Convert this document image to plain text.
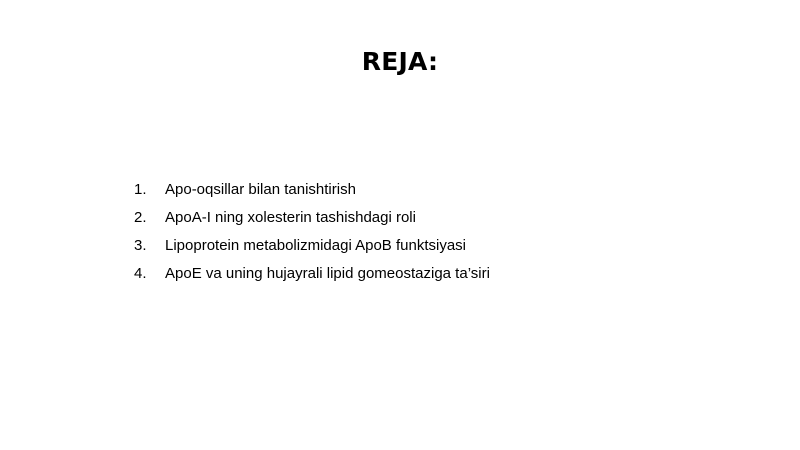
REJA:
1.	Apo-oqsillar bilan tanishtirish
2.	ApoA-I ning xolesterin tashishdagi roli
3.	Lipoprotein metabolizmidagi ApoB funktsiyasi
4.	ApoE va uning hujayrali lipid gomeostaziga ta’siri
